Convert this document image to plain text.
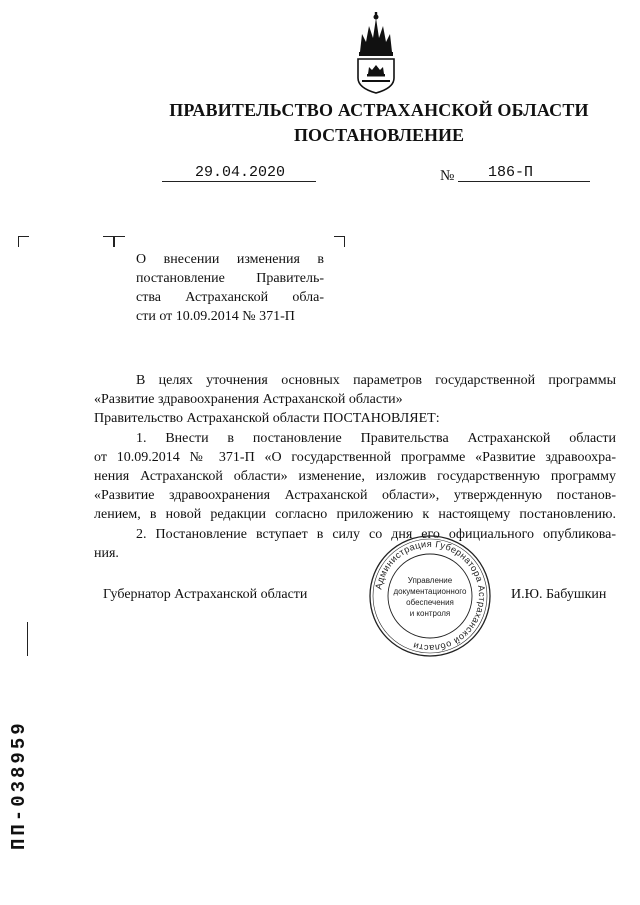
ПРАВИТЕЛЬСТВО АСТРАХАНСКОЙ ОБЛАСТИ
ПОСТАНОВЛЕНИЕ
29.04.2020	№ 186-П
О внесении изменения в
постановление Правитель-
ства Астраханской обла-
сти от 10.09.2014 № 371-П

В целях уточнения основных параметров государственной программы

«Развитие здравоохранения Астраханской области»

Правительство Астраханской области ПОСТАНОВЛЯЕТ:

1. Внести в постановление Правительства Астраханской области

от 10.09.2014 № 371-П «О государственной программе «Развитие здравоохра-

нения Астраханской области» изменение, изложив государственную программу

«Развитие здравоохранения Астраханской области», утвержденную постанов-

лением, в новой редакции согласно приложению к настоящему постановлению.

2. Постановление вступает в силу со дня его официального опубликова-

ния.

Губернатор Астраханской области	И.Ю. Бабушкин
Администрация Губернатора Астраханской области
Управление
документационного
обеспечения
и контроля
ПП-038959
